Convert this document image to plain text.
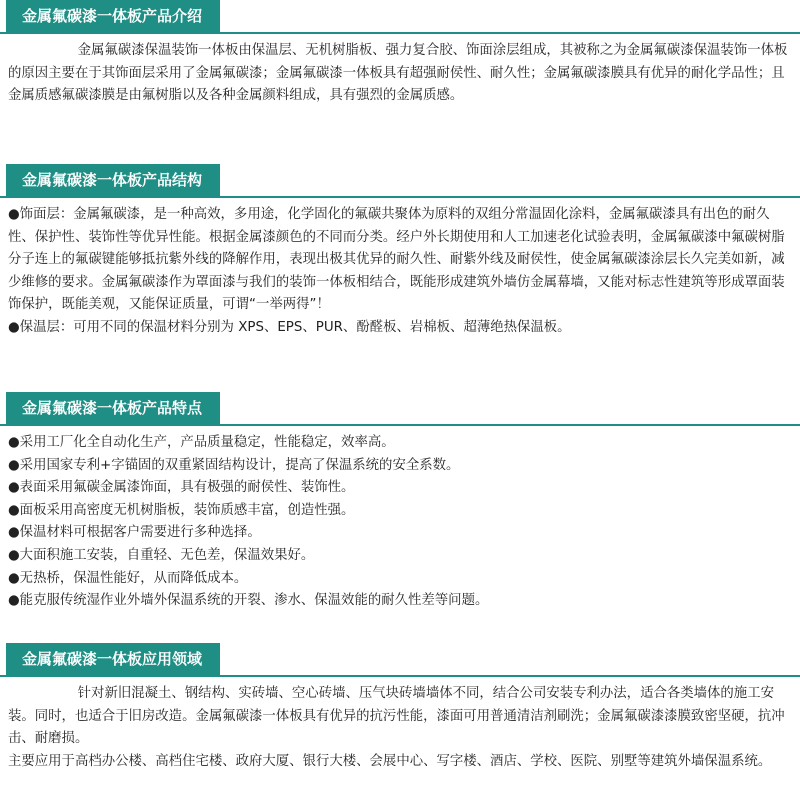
金属氟碳漆一体板产品介绍

金属氟碳漆保温装饰一体板由保温层、无机树脂板、强力复合胶、饰面涂层组成，其被称之为金属氟碳漆保温装饰一体板的原因主要在于其饰面层采用了金属氟碳漆；金属氟碳漆一体板具有超强耐侯性、耐久性；金属氟碳漆膜具有优异的耐化学品性；且金属质感氟碳漆膜是由氟树脂以及各种金属颜料组成，具有强烈的金属质感。

金属氟碳漆一体板产品结构

●饰面层：金属氟碳漆，是一种高效，多用途，化学固化的氟碳共聚体为原料的双组分常温固化涂料，金属氟碳漆具有出色的耐久性、保护性、装饰性等优异性能。根据金属漆颜色的不同而分类。经户外长期使用和人工加速老化试验表明，金属氟碳漆中氟碳树脂分子连上的氟碳键能够抵抗紫外线的降解作用，表现出极其优异的耐久性、耐紫外线及耐侯性，使金属氟碳漆涂层长久完美如新，减少维修的要求。金属氟碳漆作为罩面漆与我们的装饰一体板相结合，既能形成建筑外墙仿金属幕墙，又能对标志性建筑等形成罩面装饰保护，既能美观，又能保证质量，可谓“一举两得”！

●保温层：可用不同的保温材料分别为 XPS、EPS、PUR、酚醛板、岩棉板、超薄绝热保温板。

金属氟碳漆一体板产品特点

●采用工厂化全自动化生产，产品质量稳定，性能稳定，效率高。

●采用国家专利+字锚固的双重紧固结构设计，提高了保温系统的安全系数。

●表面采用氟碳金属漆饰面，具有极强的耐侯性、装饰性。

●面板采用高密度无机树脂板，装饰质感丰富，创造性强。

●保温材料可根据客户需要进行多种选择。

●大面积施工安装，自重轻、无色差，保温效果好。

●无热桥，保温性能好，从而降低成本。

●能克服传统湿作业外墙外保温系统的开裂、渗水、保温效能的耐久性差等问题。

金属氟碳漆一体板应用领域

针对新旧混凝土、钢结构、实砖墙、空心砖墙、压气块砖墙墙体不同，结合公司安装专利办法，适合各类墙体的施工安装。同时，也适合于旧房改造。金属氟碳漆一体板具有优异的抗污性能，漆面可用普通清洁剂刷洗；金属氟碳漆漆膜致密坚硬，抗冲击、耐磨损。

主要应用于高档办公楼、高档住宅楼、政府大厦、银行大楼、会展中心、写字楼、酒店、学校、医院、别墅等建筑外墙保温系统。
